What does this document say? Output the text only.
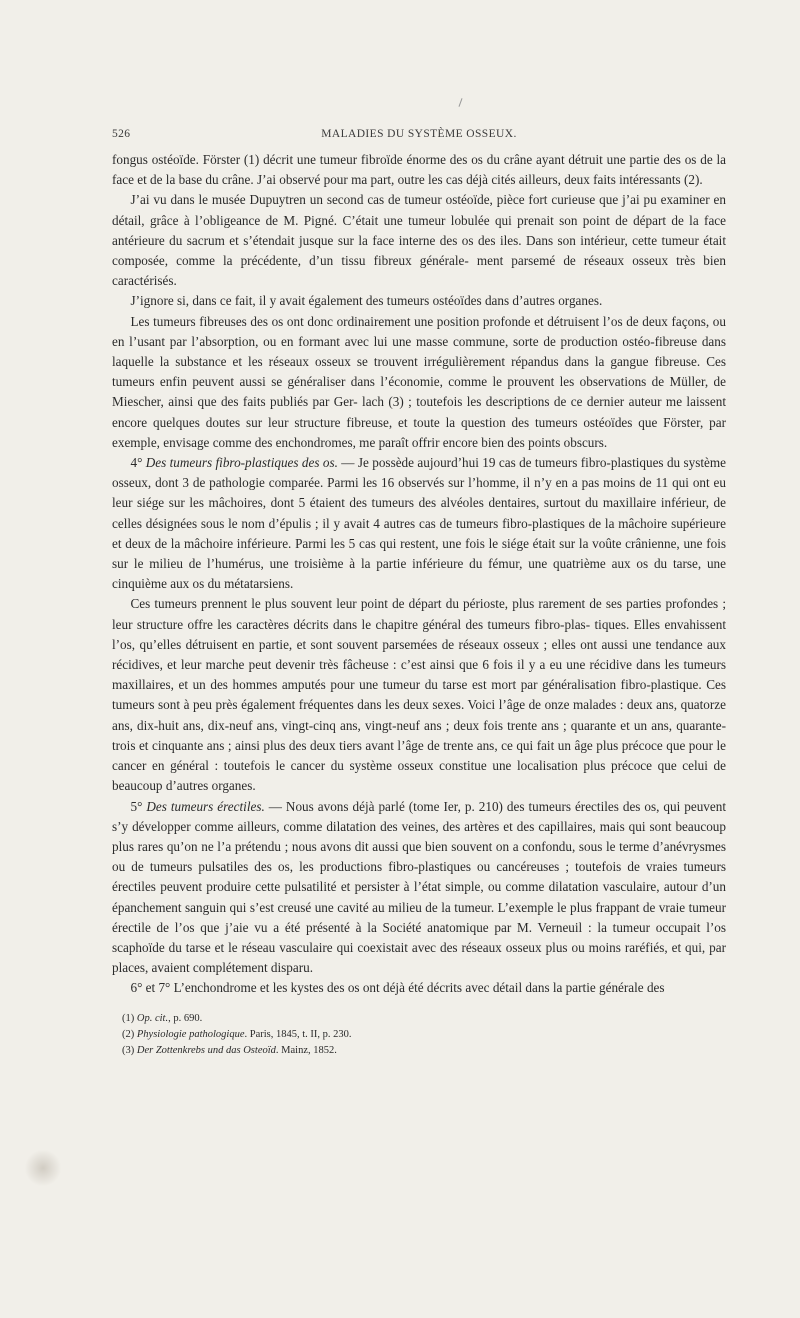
526	MALADIES DU SYSTÈME OSSEUX.

fongus ostéoïde. Förster (1) décrit une tumeur fibroïde énorme des os du crâne ayant détruit une partie des os de la face et de la base du crâne. J’ai observé pour ma part, outre les cas déjà cités ailleurs, deux faits intéressants (2).

J’ai vu dans le musée Dupuytren un second cas de tumeur ostéoïde, pièce fort curieuse que j’ai pu examiner en détail, grâce à l’obligeance de M. Pigné. C’était une tumeur lobulée qui prenait son point de départ de la face antérieure du sacrum et s’étendait jusque sur la face interne des os des iles. Dans son intérieur, cette tumeur était composée, comme la précédente, d’un tissu fibreux générale- ment parsemé de réseaux osseux très bien caractérisés.

J’ignore si, dans ce fait, il y avait également des tumeurs ostéoïdes dans d’autres organes.

Les tumeurs fibreuses des os ont donc ordinairement une position profonde et détruisent l’os de deux façons, ou en l’usant par l’absorption, ou en formant avec lui une masse commune, sorte de production ostéo-fibreuse dans laquelle la substance et les réseaux osseux se trouvent irrégulièrement répandus dans la gangue fibreuse. Ces tumeurs enfin peuvent aussi se généraliser dans l’économie, comme le prouvent les observations de Müller, de Miescher, ainsi que des faits publiés par Ger- lach (3) ; toutefois les descriptions de ce dernier auteur me laissent encore quelques doutes sur leur structure fibreuse, et toute la question des tumeurs ostéoïdes que Förster, par exemple, envisage comme des enchondromes, me paraît offrir encore bien des points obscurs.

4° Des tumeurs fibro-plastiques des os. — Je possède aujourd’hui 19 cas de tumeurs fibro-plastiques du système osseux, dont 3 de pathologie comparée. Parmi les 16 observés sur l’homme, il n’y en a pas moins de 11 qui ont eu leur siége sur les mâchoires, dont 5 étaient des tumeurs des alvéoles dentaires, surtout du maxillaire inférieur, de celles désignées sous le nom d’épulis ; il y avait 4 autres cas de tumeurs fibro-plastiques de la mâchoire supérieure et deux de la mâchoire inférieure. Parmi les 5 cas qui restent, une fois le siége était sur la voûte crânienne, une fois sur le milieu de l’humérus, une troisième à la partie inférieure du fémur, une quatrième aux os du tarse, une cinquième aux os du métatarsiens.

Ces tumeurs prennent le plus souvent leur point de départ du périoste, plus rarement de ses parties profondes ; leur structure offre les caractères décrits dans le chapitre général des tumeurs fibro-plas- tiques. Elles envahissent l’os, qu’elles détruisent en partie, et sont souvent parsemées de réseaux osseux ; elles ont aussi une tendance aux récidives, et leur marche peut devenir très fâcheuse : c’est ainsi que 6 fois il y a eu une récidive dans les tumeurs maxillaires, et un des hommes amputés pour une tumeur du tarse est mort par généralisation fibro-plastique. Ces tumeurs sont à peu près également fréquentes dans les deux sexes. Voici l’âge de onze malades : deux ans, quatorze ans, dix-huit ans, dix-neuf ans, vingt-cinq ans, vingt-neuf ans ; deux fois trente ans ; quarante et un ans, quarante-trois et cinquante ans ; ainsi plus des deux tiers avant l’âge de trente ans, ce qui fait un âge plus précoce que pour le cancer en général : toutefois le cancer du système osseux constitue une localisation plus précoce que celui de beaucoup d’autres organes.

5° Des tumeurs érectiles. — Nous avons déjà parlé (tome Ier, p. 210) des tumeurs érectiles des os, qui peuvent s’y développer comme ailleurs, comme dilatation des veines, des artères et des capillaires, mais qui sont beaucoup plus rares qu’on ne l’a prétendu ; nous avons dit aussi que bien souvent on a confondu, sous le terme d’anévrysmes ou de tumeurs pulsatiles des os, les productions fibro-plastiques ou cancéreuses ; toutefois de vraies tumeurs érectiles peuvent produire cette pulsatilité et persister à l’état simple, ou comme dilatation vasculaire, autour d’un épanchement sanguin qui s’est creusé une cavité au milieu de la tumeur. L’exemple le plus frappant de vraie tumeur érectile de l’os que j’aie vu a été présenté à la Société anatomique par M. Verneuil : la tumeur occupait l’os scaphoïde du tarse et le réseau vasculaire qui coexistait avec des réseaux osseux plus ou moins raréfiés, et qui, par places, avaient complétement disparu.

6° et 7° L’enchondrome et les kystes des os ont déjà été décrits avec détail dans la partie générale des

(1) Op. cit., p. 690.
(2) Physiologie pathologique. Paris, 1845, t. II, p. 230.
(3) Der Zottenkrebs und das Osteoïd. Mainz, 1852.
